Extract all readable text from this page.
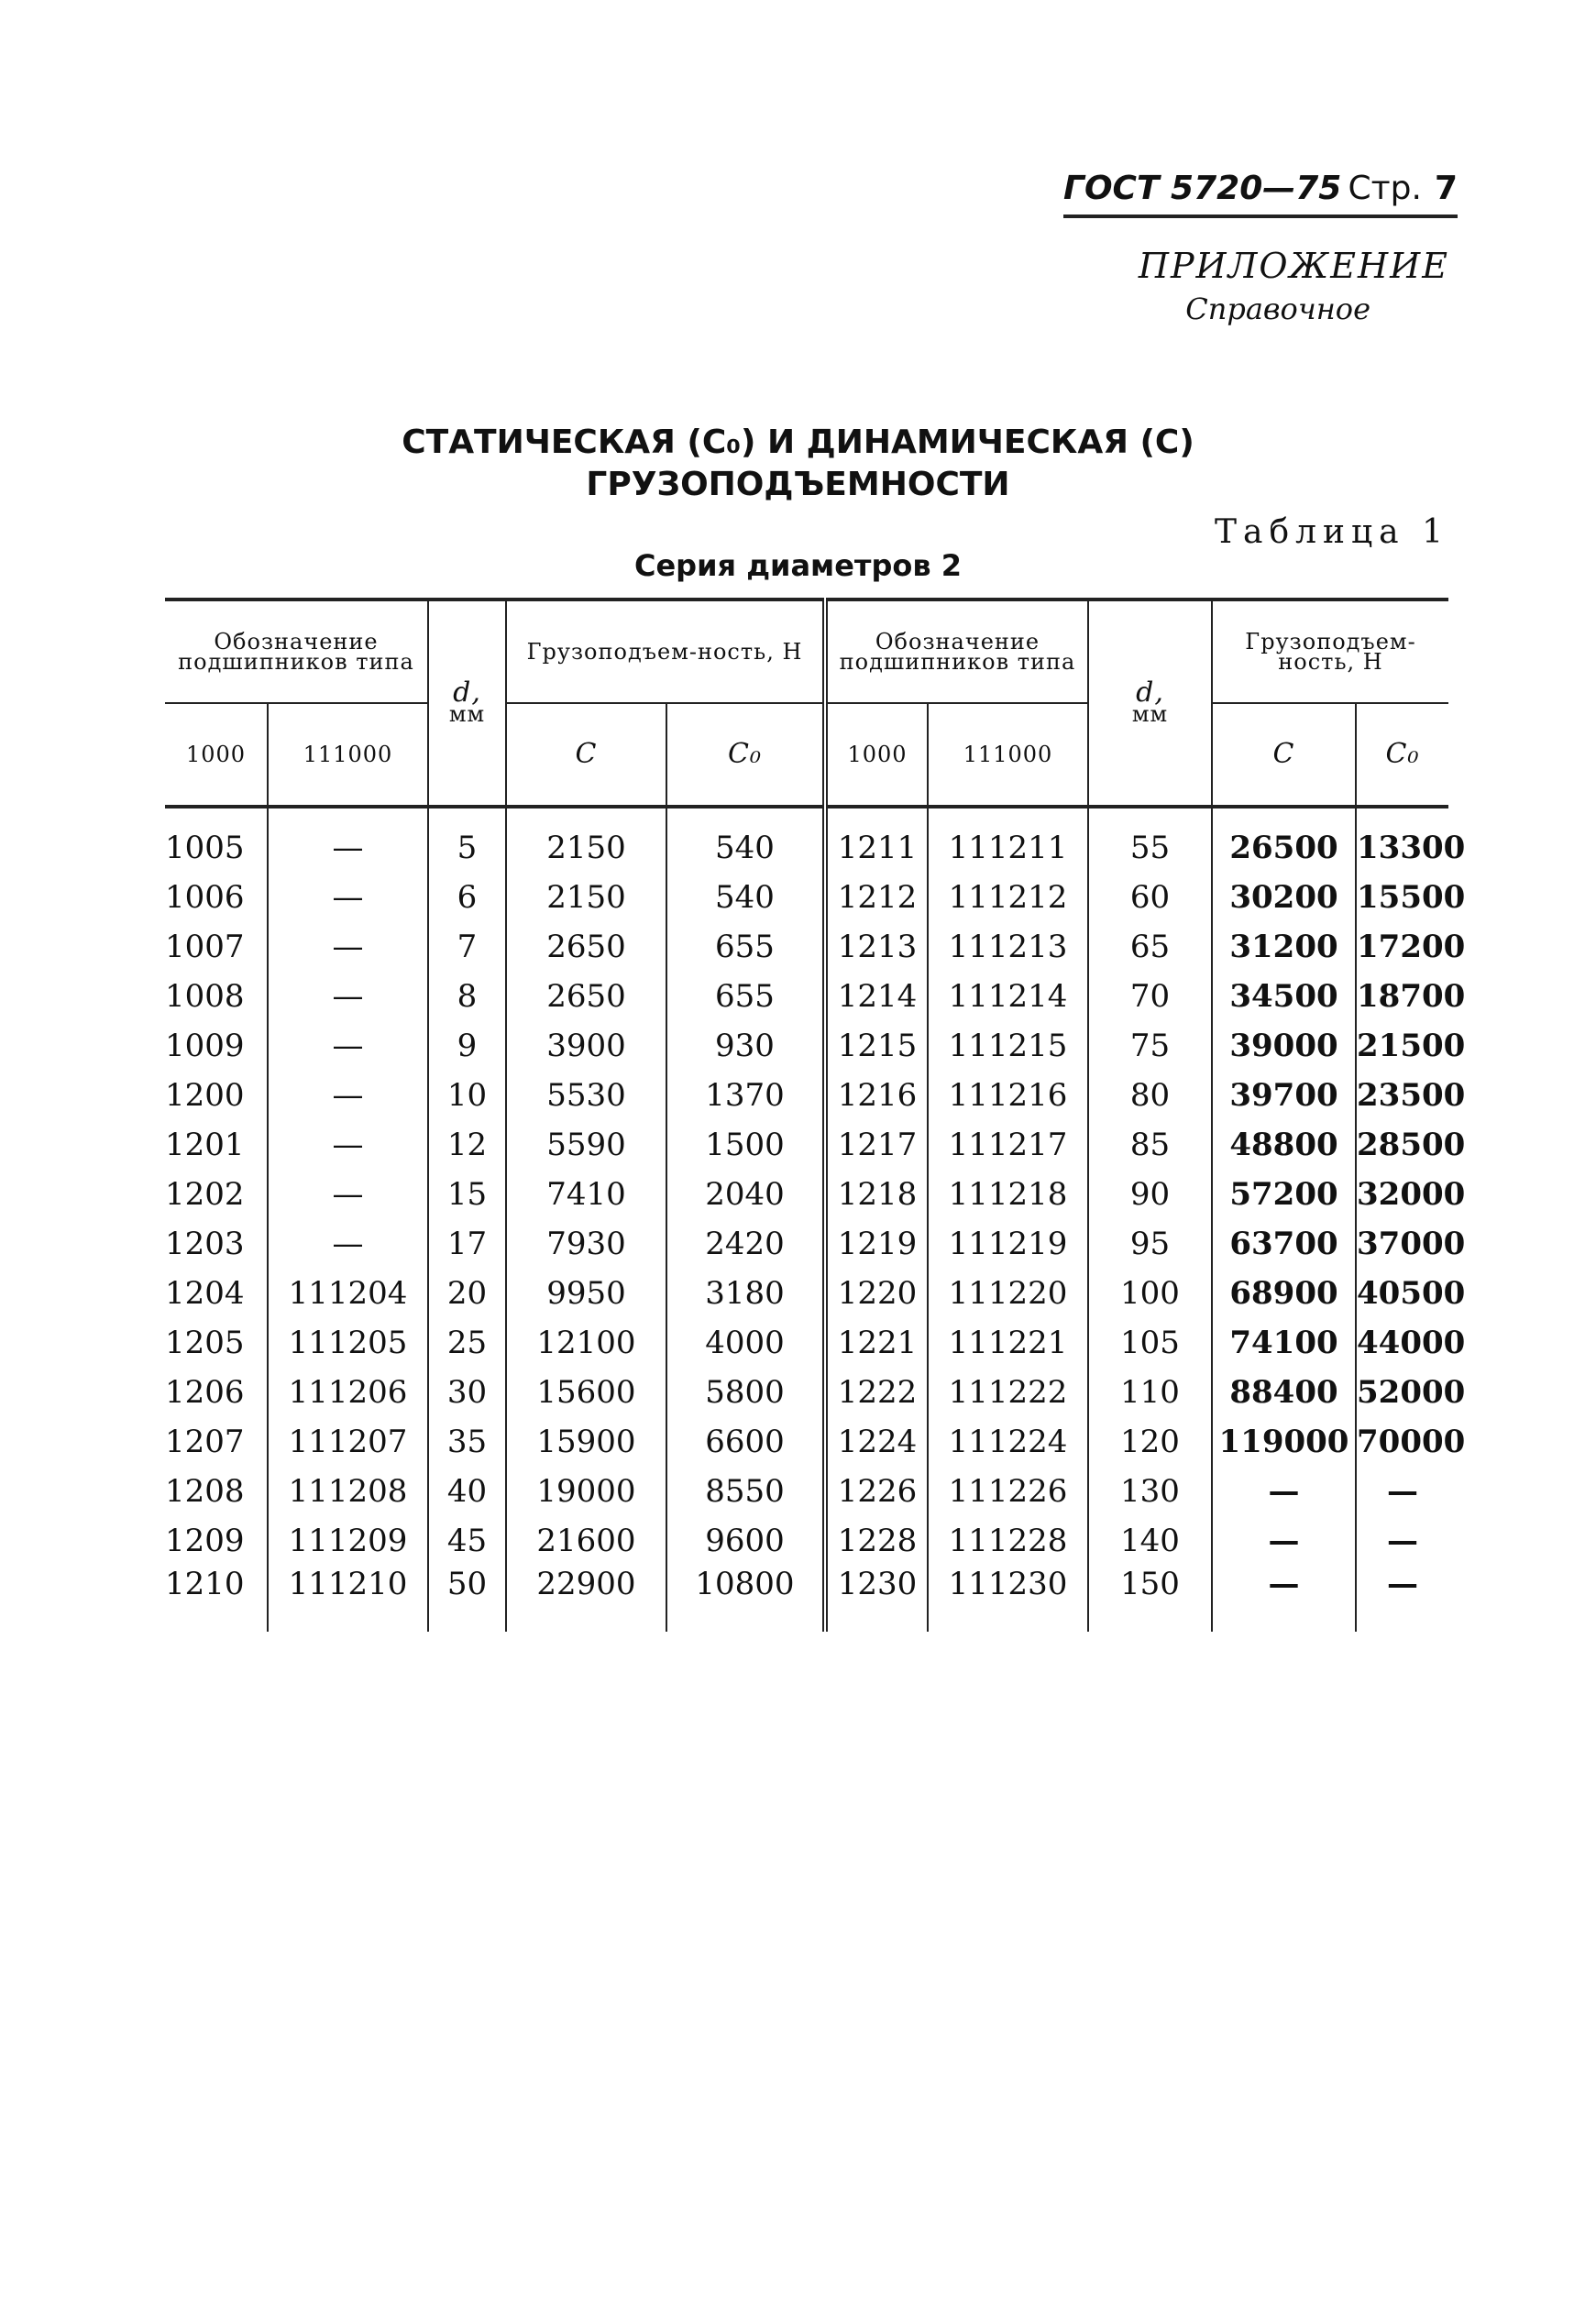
ГОСТ 5720—75 Стр. 7
ПРИЛОЖЕНИЕ
Справочное
СТАТИЧЕСКАЯ (C₀) И ДИНАМИЧЕСКАЯ (C)
ГРУЗОПОДЪЕМНОСТИ
Таблица 1
Серия диаметров 2
Обозначение подшипников типа		d,
мм	Грузоподъем-ность, Н		Обозначение подшипников типа		d,
мм	Грузоподъем-ность, Н	
1000	111000		C	C₀	1000	111000		C	C₀
1005	—	5	2150	540	1211	111211	55	26500	13300
1006	—	6	2150	540	1212	111212	60	30200	15500
1007	—	7	2650	655	1213	111213	65	31200	17200
1008	—	8	2650	655	1214	111214	70	34500	18700
1009	—	9	3900	930	1215	111215	75	39000	21500
1200	—	10	5530	1370	1216	111216	80	39700	23500
1201	—	12	5590	1500	1217	111217	85	48800	28500
1202	—	15	7410	2040	1218	111218	90	57200	32000
1203	—	17	7930	2420	1219	111219	95	63700	37000
1204	111204	20	9950	3180	1220	111220	100	68900	40500
1205	111205	25	12100	4000	1221	111221	105	74100	44000
1206	111206	30	15600	5800	1222	111222	110	88400	52000
1207	111207	35	15900	6600	1224	111224	120	119000	70000
1208	111208	40	19000	8550	1226	111226	130	—	—
1209	111209	45	21600	9600	1228	111228	140	—	—
1210	111210	50	22900	10800	1230	111230	150	—	—
